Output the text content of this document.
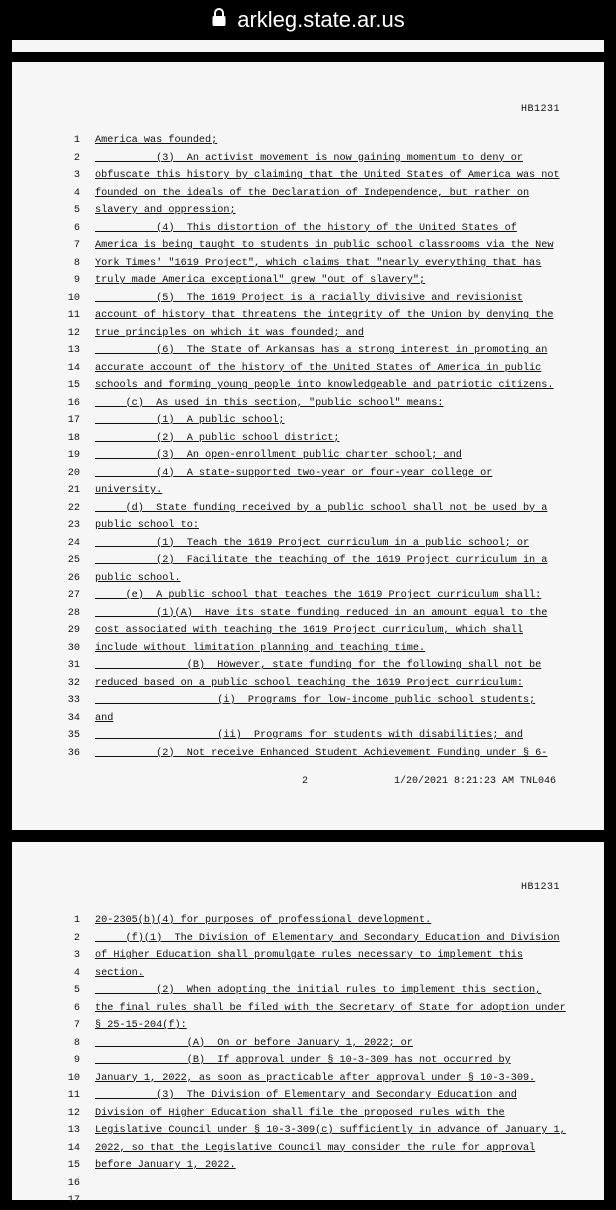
arkleg.state.ar.us
HB1231
1 America was founded;
2 (3)  An activist movement is now gaining momentum to deny or
3 obfuscate this history by claiming that the United States of America was not
4 founded on the ideals of the Declaration of Independence, but rather on
5 slavery and oppression;
6 (4)  This distortion of the history of the United States of
7 America is being taught to students in public school classrooms via the New
8 York Times' "1619 Project", which claims that "nearly everything that has
9 truly made America exceptional" grew "out of slavery";
10 (5)  The 1619 Project is a racially divisive and revisionist
11 account of history that threatens the integrity of the Union by denying the
12 true principles on which it was founded; and
13 (6)  The State of Arkansas has a strong interest in promoting an
14 accurate account of the history of the United States of America in public
15 schools and forming young people into knowledgeable and patriotic citizens.
16 (c)  As used in this section, "public school" means:
17 (1)  A public school;
18 (2)  A public school district;
19 (3)  An open-enrollment public charter school; and
20 (4)  A state-supported two-year or four-year college or
21 university.
22 (d)  State funding received by a public school shall not be used by a
23 public school to:
24 (1)  Teach the 1619 Project curriculum in a public school; or
25 (2)  Facilitate the teaching of the 1619 Project curriculum in a
26 public school.
27 (e)  A public school that teaches the 1619 Project curriculum shall:
28 (1)(A)  Have its state funding reduced in an amount equal to the
29 cost associated with teaching the 1619 Project curriculum, which shall
30 include without limitation planning and teaching time.
31 (B)  However, state funding for the following shall not be
32 reduced based on a public school teaching the 1619 Project curriculum:
33 (i)  Programs for low-income public school students;
34 and
35 (ii)  Programs for students with disabilities; and
36 (2)  Not receive Enhanced Student Achievement Funding under § 6-
2	1/20/2021 8:21:23 AM TNL046
HB1231
1 20-2305(b)(4) for purposes of professional development.
2 (f)(1)  The Division of Elementary and Secondary Education and Division
3 of Higher Education shall promulgate rules necessary to implement this
4 section.
5 (2)  When adopting the initial rules to implement this section,
6 the final rules shall be filed with the Secretary of State for adoption under
7 § 25-15-204(f):
8 (A)  On or before January 1, 2022; or
9 (B)  If approval under § 10-3-309 has not occurred by
10 January 1, 2022, as soon as practicable after approval under § 10-3-309.
11 (3)  The Division of Elementary and Secondary Education and
12 Division of Higher Education shall file the proposed rules with the
13 Legislative Council under § 10-3-309(c) sufficiently in advance of January 1,
14 2022, so that the Legislative Council may consider the rule for approval
15 before January 1, 2022.
16
17
